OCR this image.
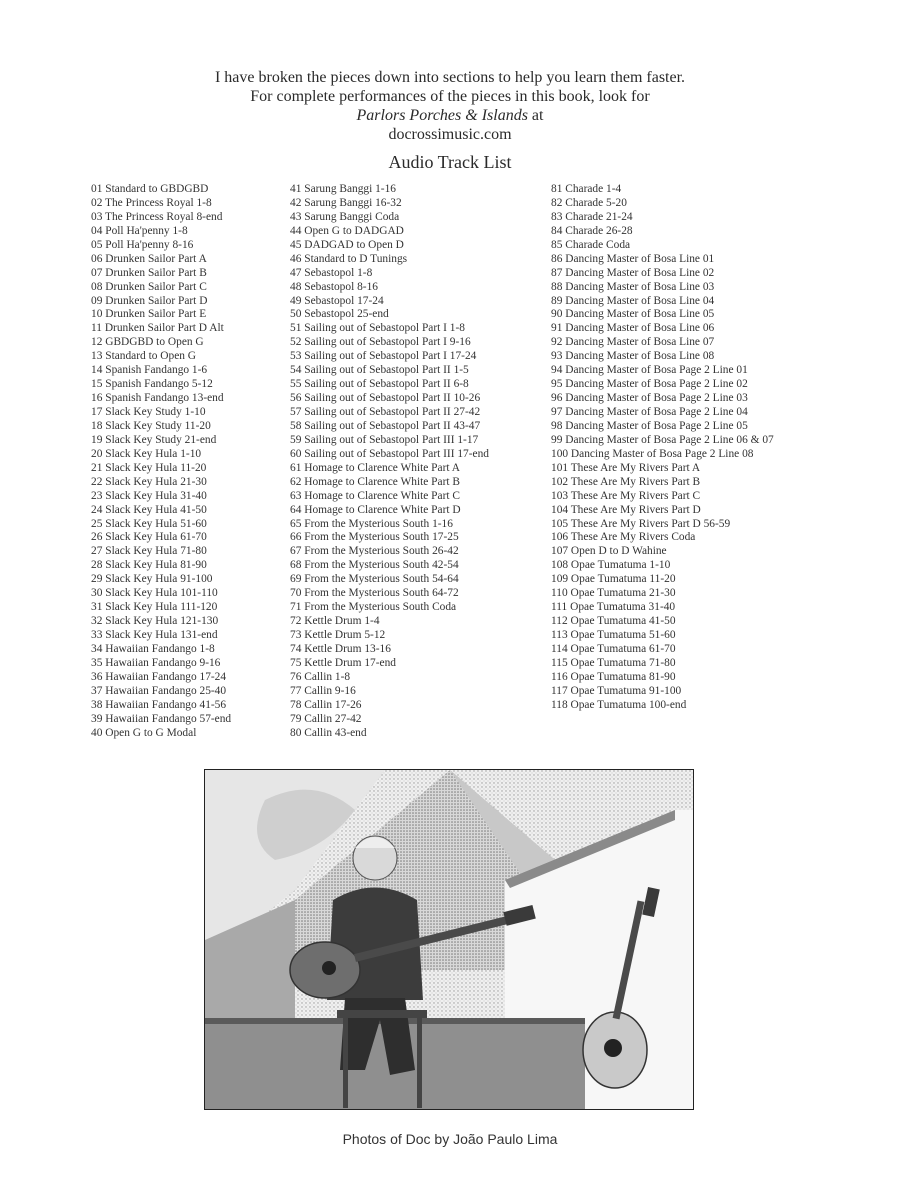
I have broken the pieces down into sections to help you learn them faster.
For complete performances of the pieces in this book, look for
Parlors Porches & Islands at
docrossimusic.com
Audio Track List
01 Standard to GBDGBD
02 The Princess Royal 1-8
03 The Princess Royal 8-end
04 Poll Ha'penny 1-8
05 Poll Ha'penny 8-16
06 Drunken Sailor Part A
07 Drunken Sailor Part B
08 Drunken Sailor Part C
09 Drunken Sailor Part D
10 Drunken Sailor Part E
11 Drunken Sailor Part D Alt
12 GBDGBD to Open G
13 Standard to Open G
14 Spanish Fandango 1-6
15 Spanish Fandango 5-12
16 Spanish Fandango 13-end
17 Slack Key Study 1-10
18 Slack Key Study 11-20
19 Slack Key Study 21-end
20 Slack Key Hula 1-10
21 Slack Key Hula 11-20
22 Slack Key Hula 21-30
23 Slack Key Hula 31-40
24 Slack Key Hula 41-50
25 Slack Key Hula 51-60
26 Slack Key Hula 61-70
27 Slack Key Hula 71-80
28 Slack Key Hula 81-90
29 Slack Key Hula 91-100
30 Slack Key Hula 101-110
31 Slack Key Hula 111-120
32 Slack Key Hula 121-130
33 Slack Key Hula 131-end
34 Hawaiian Fandango 1-8
35 Hawaiian Fandango 9-16
36 Hawaiian Fandango 17-24
37 Hawaiian Fandango 25-40
38 Hawaiian Fandango 41-56
39 Hawaiian Fandango 57-end
40 Open G to G Modal
41 Sarung Banggi 1-16
42 Sarung Banggi 16-32
43 Sarung Banggi Coda
44 Open G to DADGAD
45 DADGAD to Open D
46 Standard to D Tunings
47 Sebastopol 1-8
48 Sebastopol 8-16
49 Sebastopol 17-24
50 Sebastopol 25-end
51 Sailing out of Sebastopol Part I 1-8
52 Sailing out of Sebastopol Part I 9-16
53 Sailing out of Sebastopol Part I 17-24
54 Sailing out of Sebastopol Part II 1-5
55 Sailing out of Sebastopol Part II 6-8
56 Sailing out of Sebastopol Part II 10-26
57 Sailing out of Sebastopol Part II 27-42
58 Sailing out of Sebastopol Part II 43-47
59 Sailing out of Sebastopol Part III 1-17
60 Sailing out of Sebastopol Part III 17-end
61 Homage to Clarence White Part A
62 Homage to Clarence White Part B
63 Homage to Clarence White Part C
64 Homage to Clarence White Part D
65 From the Mysterious South 1-16
66 From the Mysterious South 17-25
67 From the Mysterious South 26-42
68 From the Mysterious South 42-54
69 From the Mysterious South 54-64
70 From the Mysterious South 64-72
71 From the Mysterious South Coda
72 Kettle Drum 1-4
73 Kettle Drum 5-12
74 Kettle Drum 13-16
75 Kettle Drum 17-end
76 Callin 1-8
77 Callin 9-16
78 Callin 17-26
79 Callin 27-42
80 Callin 43-end
81 Charade 1-4
82 Charade 5-20
83 Charade 21-24
84 Charade 26-28
85 Charade Coda
86 Dancing Master of Bosa Line 01
87 Dancing Master of Bosa Line 02
88 Dancing Master of Bosa Line 03
89 Dancing Master of Bosa Line 04
90 Dancing Master of Bosa Line 05
91 Dancing Master of Bosa Line 06
92 Dancing Master of Bosa Line 07
93 Dancing Master of Bosa Line 08
94 Dancing Master of Bosa Page 2 Line 01
95 Dancing Master of Bosa Page 2 Line 02
96 Dancing Master of Bosa Page 2 Line 03
97 Dancing Master of Bosa Page 2 Line 04
98 Dancing Master of Bosa Page 2 Line 05
99 Dancing Master of Bosa Page 2 Line 06 & 07
100 Dancing Master of Bosa Page 2 Line 08
101 These Are My Rivers Part A
102 These Are My Rivers Part B
103 These Are My Rivers Part C
104 These Are My Rivers Part D
105 These Are My Rivers Part D 56-59
106 These Are My Rivers Coda
107 Open D to D Wahine
108 Opae Tumatuma 1-10
109 Opae Tumatuma 11-20
110 Opae Tumatuma 21-30
111 Opae Tumatuma 31-40
112 Opae Tumatuma 41-50
113 Opae Tumatuma 51-60
114 Opae Tumatuma 61-70
115 Opae Tumatuma 71-80
116 Opae Tumatuma 81-90
117 Opae Tumatuma 91-100
118 Opae Tumatuma 100-end
Photos of Doc by João Paulo Lima
